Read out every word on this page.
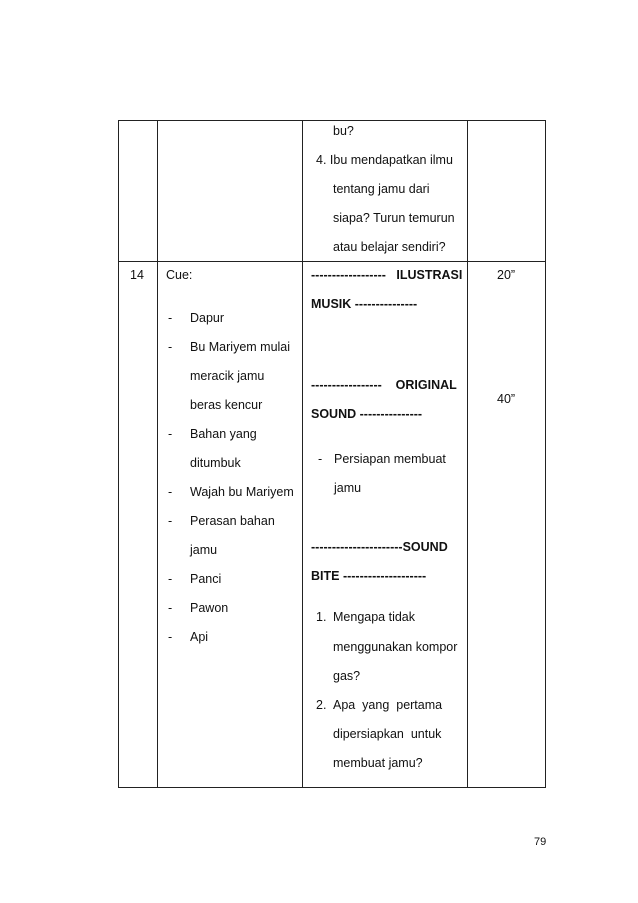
bu?
4. Ibu mendapatkan ilmu
tentang jamu dari
siapa? Turun temurun
atau belajar sendiri?
14 Cue:
- Dapur
- Bu Mariyem mulai
meracik jamu
beras kencur
- Bahan yang
ditumbuk
- Wajah bu Mariyem
- Perasan bahan
jamu
- Panci
- Pawon
- Api
------------------   ILUSTRASI
MUSIK ---------------
-----------------    ORIGINAL
SOUND ---------------
- Persiapan membuat
jamu
----------------------SOUND
BITE --------------------
1. Mengapa tidak
menggunakan kompor
gas?
2. Apa  yang  pertama
dipersiapkan  untuk
membuat jamu?
20”
40”
79
